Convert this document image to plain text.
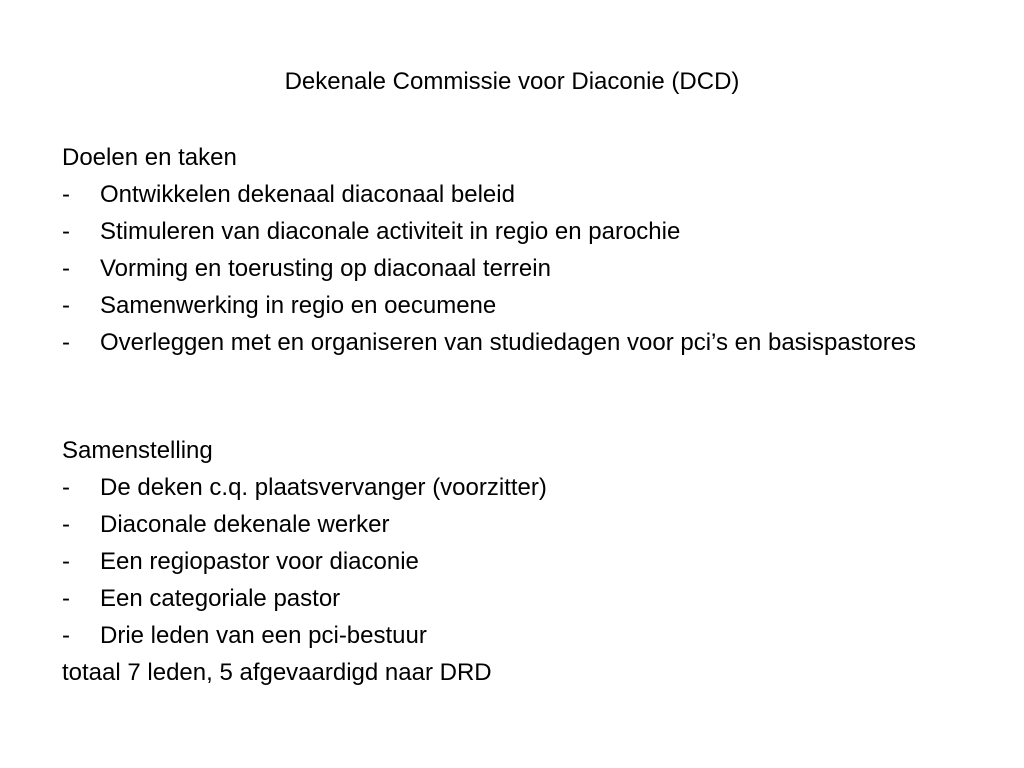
Dekenale Commissie voor Diaconie (DCD)
Doelen en taken
-	Ontwikkelen dekenaal diaconaal beleid
-	Stimuleren van diaconale activiteit in regio en parochie
-	Vorming en toerusting op diaconaal terrein
-	Samenwerking in regio en oecumene
-	Overleggen met en organiseren van studiedagen voor pci’s en basispastores
Samenstelling
-	De deken c.q. plaatsvervanger (voorzitter)
-	Diaconale dekenale werker
-	Een regiopastor voor diaconie
-	Een categoriale pastor
-	Drie leden van een pci-bestuur
totaal 7 leden, 5 afgevaardigd naar DRD
